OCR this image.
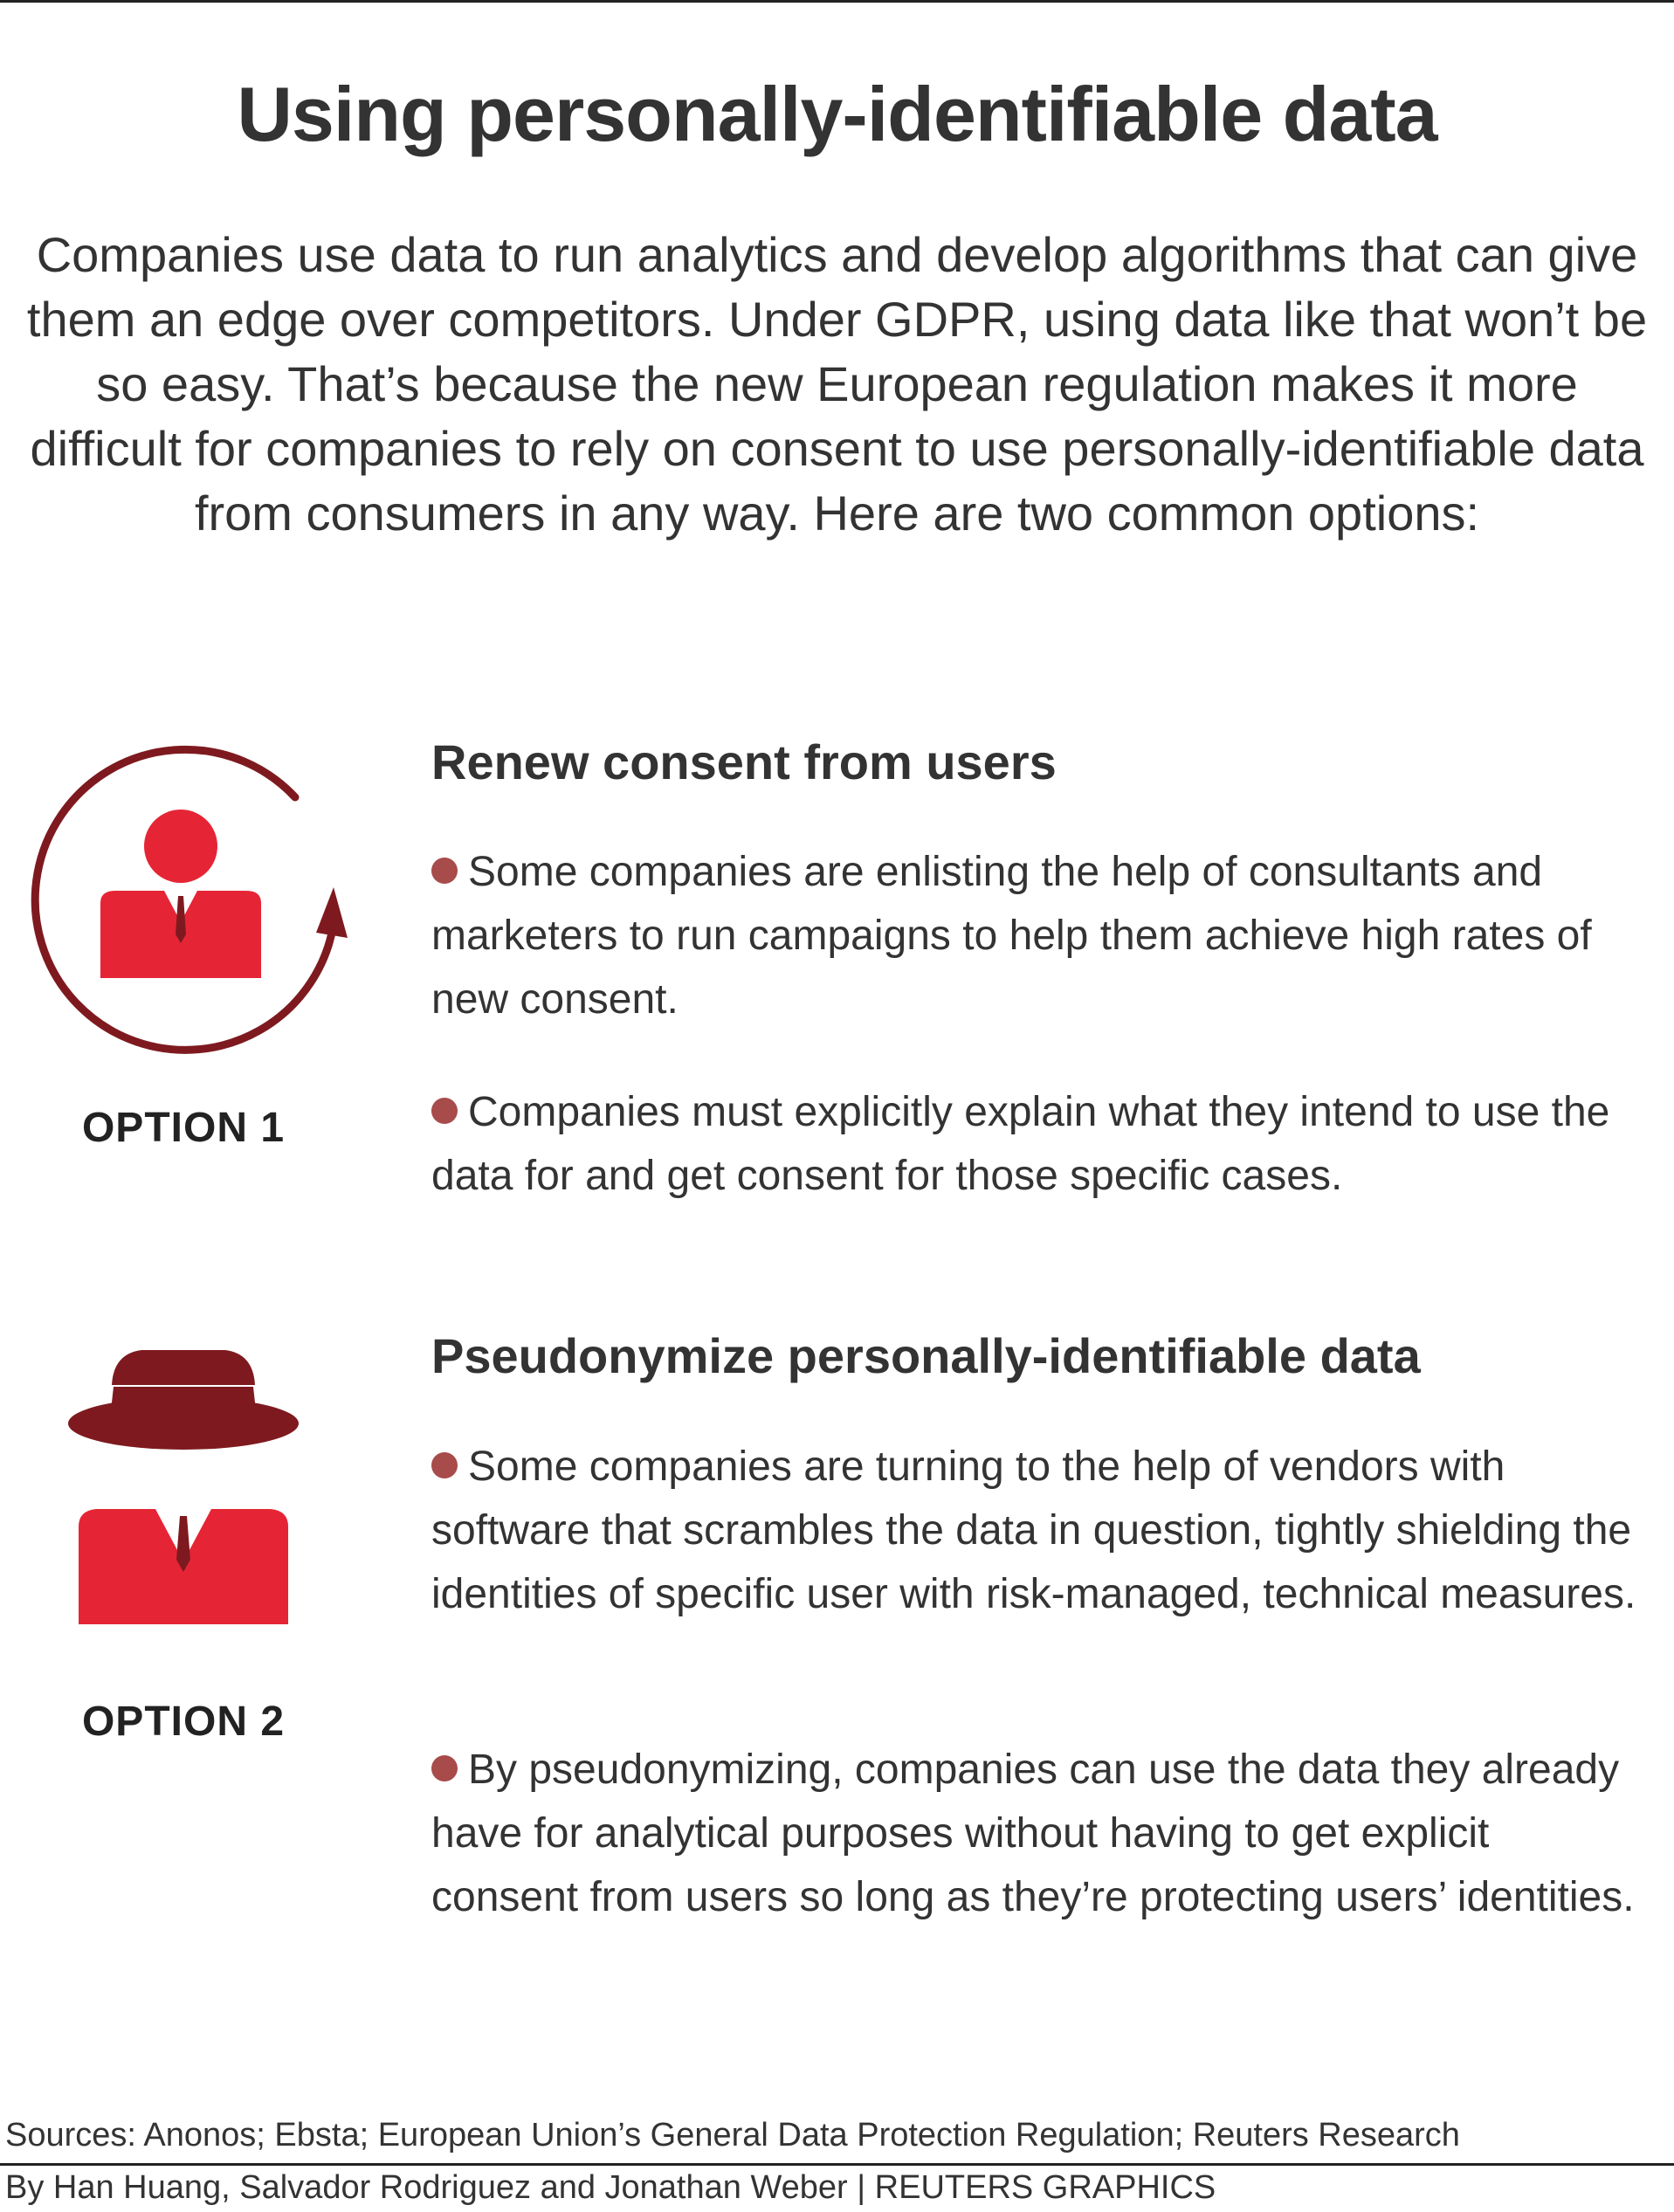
Using personally-identifiable data
Companies use data to run analytics and develop algorithms that can give them an edge over competitors. Under GDPR, using data like that won’t be so easy. That’s because the new European regulation makes it more difficult for companies to rely on consent to use personally-identifiable data from consumers in any way. Here are two common options:
OPTION 1
Renew consent from users
Some companies are enlisting the help of consultants and marketers to run campaigns to help them achieve high rates of new consent.
Companies must explicitly explain what they intend to use the data for and get consent for those specific cases.
OPTION 2
Pseudonymize personally-identifiable data
Some companies are turning to the help of vendors with software that scrambles the data in question, tightly shielding the identities of specific user with risk-managed, technical measures.
By pseudonymizing, companies can use the data they already have for analytical purposes without having to get explicit consent from users so long as they’re protecting users’ identities.
Sources: Anonos; Ebsta; European Union’s General Data Protection Regulation; Reuters Research
By Han Huang, Salvador Rodriguez and Jonathan Weber | REUTERS GRAPHICS
